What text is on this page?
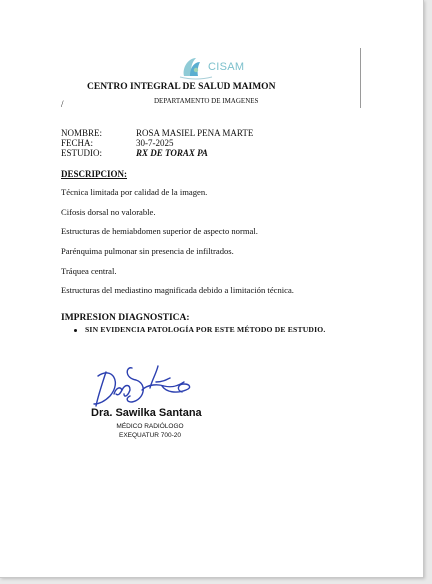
CISAM
CENTRO INTEGRAL DE SALUD MAIMON
DEPARTAMENTO DE IMAGENES
/
NOMBRE:	ROSA MASIEL PENA MARTE
FECHA:	30-7-2025
ESTUDIO:	RX DE TORAX PA
DESCRIPCION:
Técnica limitada por calidad de la imagen.
Cifosis dorsal no valorable.
Estructuras de hemiabdomen superior de aspecto normal.
Parénquima pulmonar sin presencia de infiltrados.
Tráquea central.
Estructuras del mediastino magnificada debido a limitación técnica.
IMPRESION DIAGNOSTICA:
SIN EVIDENCIA PATOLOGÍA POR ESTE MÉTODO DE ESTUDIO.
Dra. Sawilka Santana
MÉDICO RADIÓLOGO
EXEQUATUR 700-20
